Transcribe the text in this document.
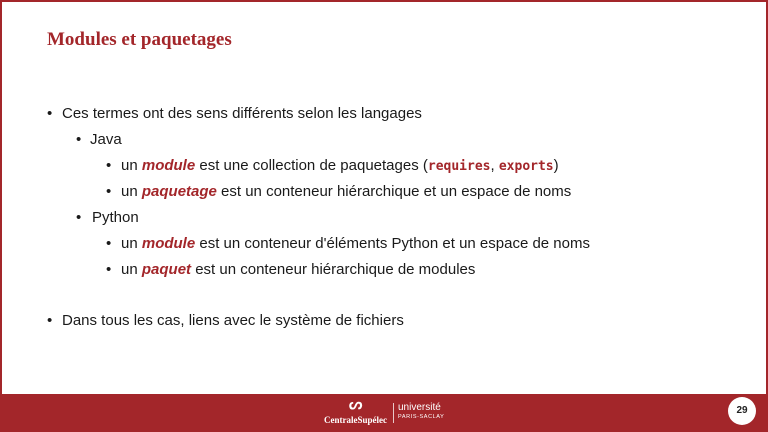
Modules et paquetages
• Ces termes ont des sens différents selon les langages
• Java
• un module est une collection de paquetages (requires, exports)
• un paquetage est un conteneur hiérarchique et un espace de noms
• Python
• un module est un conteneur d'éléments Python et un espace de noms
• un paquet est un conteneur hiérarchique de modules
• Dans tous les cas, liens avec le système de fichiers
ᔕ
CentraleSupélec
université
PARIS-SACLAY
29
